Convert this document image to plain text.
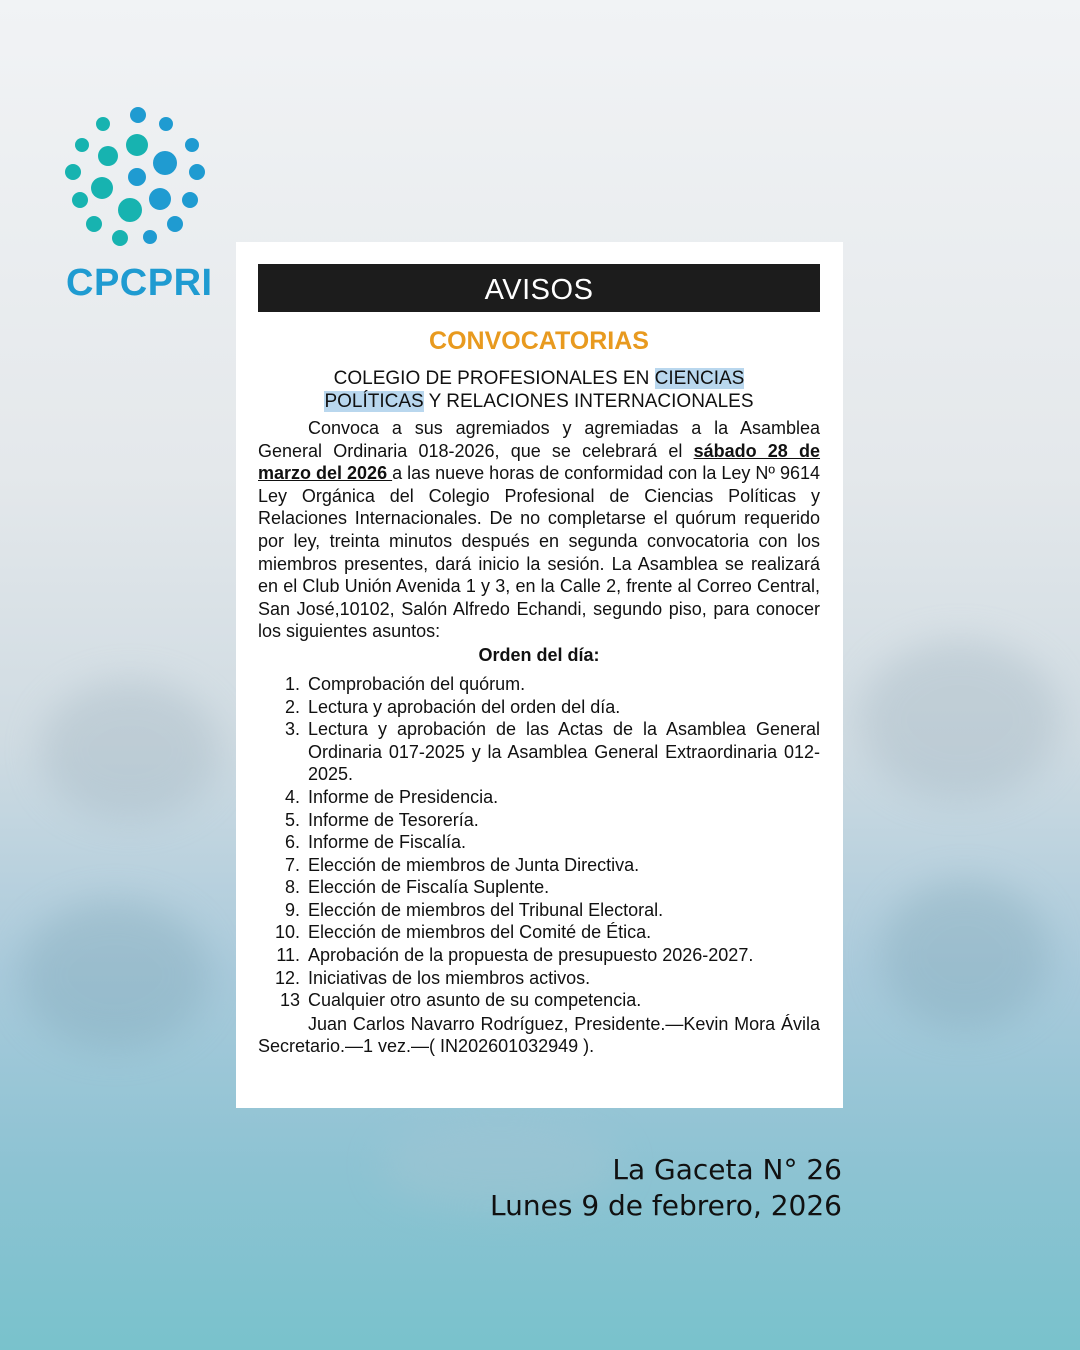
CPCPRI	AVISOS
CONVOCATORIAS
COLEGIO DE PROFESIONALES EN CIENCIAS
POLÍTICAS Y RELACIONES INTERNACIONALES
Convoca a sus agremiados y agremiadas a la Asamblea General Ordinaria 018-2026, que se celebrará el sábado 28 de marzo del 2026 a las nueve horas de conformidad con la Ley Nº 9614 Ley Orgánica del Colegio Profesional de Ciencias Políticas y Relaciones Internacionales. De no completarse el quórum requerido por ley, treinta minutos después en segunda convocatoria con los miembros presentes, dará inicio la sesión. La Asamblea se realizará en el Club Unión Avenida 1 y 3, en la Calle 2, frente al Correo Central, San José,10102, Salón Alfredo Echandi, segundo piso, para conocer los siguientes asuntos:
Orden del día:
1. Comprobación del quórum.
2. Lectura y aprobación del orden del día.
3. Lectura y aprobación de las Actas de la Asamblea General Ordinaria 017-2025 y la Asamblea General Extraordinaria 012-2025.
4. Informe de Presidencia.
5. Informe de Tesorería.
6. Informe de Fiscalía.
7. Elección de miembros de Junta Directiva.
8. Elección de Fiscalía Suplente.
9. Elección de miembros del Tribunal Electoral.
10. Elección de miembros del Comité de Ética.
11. Aprobación de la propuesta de presupuesto 2026-2027.
12. Iniciativas de los miembros activos.
13 Cualquier otro asunto de su competencia.
Juan Carlos Navarro Rodríguez, Presidente.—Kevin Mora Ávila Secretario.—1 vez.—( IN202601032949 ).
La Gaceta N° 26
Lunes 9 de febrero, 2026
